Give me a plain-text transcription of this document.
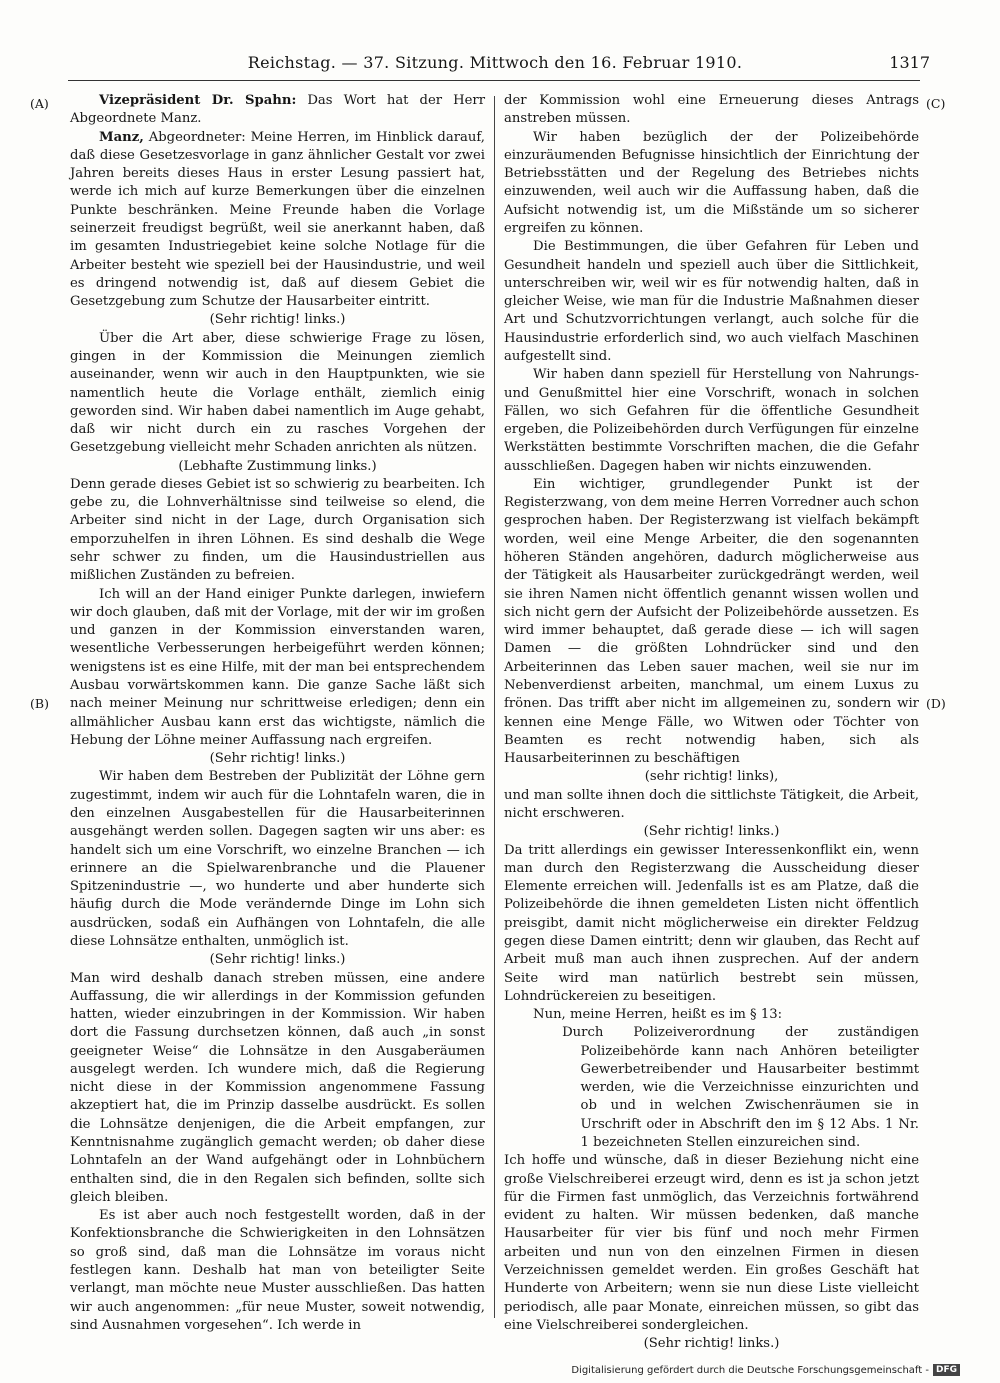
Reichstag. — 37. Sitzung. Mittwoch den 16. Februar 1910.	1317
(A)
(B)
(C)
(D)

Vizepräsident Dr. Spahn: Das Wort hat der Herr Abgeordnete Manz.

Manz, Abgeordneter: Meine Herren, im Hinblick darauf, daß diese Gesetzesvorlage in ganz ähnlicher Gestalt vor zwei Jahren bereits dieses Haus in erster Lesung passiert hat, werde ich mich auf kurze Bemerkungen über die einzelnen Punkte beschränken. Meine Freunde haben die Vorlage seinerzeit freudigst begrüßt, weil sie anerkannt haben, daß im gesamten Industriegebiet keine solche Notlage für die Arbeiter besteht wie speziell bei der Hausindustrie, und weil es dringend notwendig ist, daß auf diesem Gebiet die Gesetzgebung zum Schutze der Hausarbeiter eintritt.

(Sehr richtig! links.)

Über die Art aber, diese schwierige Frage zu lösen, gingen in der Kommission die Meinungen ziemlich auseinander, wenn wir auch in den Hauptpunkten, wie sie namentlich heute die Vorlage enthält, ziemlich einig geworden sind. Wir haben dabei namentlich im Auge gehabt, daß wir nicht durch ein zu rasches Vorgehen der Gesetzgebung vielleicht mehr Schaden anrichten als nützen.

(Lebhafte Zustimmung links.)

Denn gerade dieses Gebiet ist so schwierig zu bearbeiten. Ich gebe zu, die Lohnverhältnisse sind teilweise so elend, die Arbeiter sind nicht in der Lage, durch Organisation sich emporzuhelfen in ihren Löhnen. Es sind deshalb die Wege sehr schwer zu finden, um die Hausindustriellen aus mißlichen Zuständen zu befreien.

Ich will an der Hand einiger Punkte darlegen, inwiefern wir doch glauben, daß mit der Vorlage, mit der wir im großen und ganzen in der Kommission einverstanden waren, wesentliche Verbesserungen herbeigeführt werden können; wenigstens ist es eine Hilfe, mit der man bei entsprechendem Ausbau vorwärtskommen kann. Die ganze Sache läßt sich nach meiner Meinung nur schrittweise erledigen; denn ein allmählicher Ausbau kann erst das wichtigste, nämlich die Hebung der Löhne meiner Auffassung nach ergreifen.

(Sehr richtig! links.)

Wir haben dem Bestreben der Publizität der Löhne gern zugestimmt, indem wir auch für die Lohntafeln waren, die in den einzelnen Ausgabestellen für die Hausarbeiterinnen ausgehängt werden sollen. Dagegen sagten wir uns aber: es handelt sich um eine Vorschrift, wo einzelne Branchen — ich erinnere an die Spielwarenbranche und die Plauener Spitzenindustrie —, wo hunderte und aber hunderte sich häufig durch die Mode verändernde Dinge im Lohn sich ausdrücken, sodaß ein Aufhängen von Lohntafeln, die alle diese Lohnsätze enthalten, unmöglich ist.

(Sehr richtig! links.)

Man wird deshalb danach streben müssen, eine andere Auffassung, die wir allerdings in der Kommission gefunden hatten, wieder einzubringen in der Kommission. Wir haben dort die Fassung durchsetzen können, daß auch „in sonst geeigneter Weise“ die Lohnsätze in den Ausgaberäumen ausgelegt werden. Ich wundere mich, daß die Regierung nicht diese in der Kommission angenommene Fassung akzeptiert hat, die im Prinzip dasselbe ausdrückt. Es sollen die Lohnsätze denjenigen, die die Arbeit empfangen, zur Kenntnisnahme zugänglich gemacht werden; ob daher diese Lohntafeln an der Wand aufgehängt oder in Lohnbüchern enthalten sind, die in den Regalen sich befinden, sollte sich gleich bleiben.

Es ist aber auch noch festgestellt worden, daß in der Konfektionsbranche die Schwierigkeiten in den Lohnsätzen so groß sind, daß man die Lohnsätze im voraus nicht festlegen kann. Deshalb hat man von beteiligter Seite verlangt, man möchte neue Muster ausschließen. Das hatten wir auch angenommen: „für neue Muster, soweit notwendig, sind Ausnahmen vorgesehen“. Ich werde in

der Kommission wohl eine Erneuerung dieses Antrags anstreben müssen.

Wir haben bezüglich der der Polizeibehörde einzuräumenden Befugnisse hinsichtlich der Einrichtung der Betriebsstätten und der Regelung des Betriebes nichts einzuwenden, weil auch wir die Auffassung haben, daß die Aufsicht notwendig ist, um die Mißstände um so sicherer ergreifen zu können.

Die Bestimmungen, die über Gefahren für Leben und Gesundheit handeln und speziell auch über die Sittlichkeit, unterschreiben wir, weil wir es für notwendig halten, daß in gleicher Weise, wie man für die Industrie Maßnahmen dieser Art und Schutzvorrichtungen verlangt, auch solche für die Hausindustrie erforderlich sind, wo auch vielfach Maschinen aufgestellt sind.

Wir haben dann speziell für Herstellung von Nahrungs- und Genußmittel hier eine Vorschrift, wonach in solchen Fällen, wo sich Gefahren für die öffentliche Gesundheit ergeben, die Polizeibehörden durch Verfügungen für einzelne Werkstätten bestimmte Vorschriften machen, die die Gefahr ausschließen. Dagegen haben wir nichts einzuwenden.

Ein wichtiger, grundlegender Punkt ist der Registerzwang, von dem meine Herren Vorredner auch schon gesprochen haben. Der Registerzwang ist vielfach bekämpft worden, weil eine Menge Arbeiter, die den sogenannten höheren Ständen angehören, dadurch möglicherweise aus der Tätigkeit als Hausarbeiter zurückgedrängt werden, weil sie ihren Namen nicht öffentlich genannt wissen wollen und sich nicht gern der Aufsicht der Polizeibehörde aussetzen. Es wird immer behauptet, daß gerade diese — ich will sagen Damen — die größten Lohndrücker sind und den Arbeiterinnen das Leben sauer machen, weil sie nur im Nebenverdienst arbeiten, manchmal, um einem Luxus zu frönen. Das trifft aber nicht im allgemeinen zu, sondern wir kennen eine Menge Fälle, wo Witwen oder Töchter von Beamten es recht notwendig haben, sich als Hausarbeiterinnen zu beschäftigen

(sehr richtig! links),

und man sollte ihnen doch die sittlichste Tätigkeit, die Arbeit, nicht erschweren.

(Sehr richtig! links.)

Da tritt allerdings ein gewisser Interessenkonflikt ein, wenn man durch den Registerzwang die Ausscheidung dieser Elemente erreichen will. Jedenfalls ist es am Platze, daß die Polizeibehörde die ihnen gemeldeten Listen nicht öffentlich preisgibt, damit nicht möglicherweise ein direkter Feldzug gegen diese Damen eintritt; denn wir glauben, das Recht auf Arbeit muß man auch ihnen zusprechen. Auf der andern Seite wird man natürlich bestrebt sein müssen, Lohndrückereien zu beseitigen.

Nun, meine Herren, heißt es im § 13:

Durch Polizeiverordnung der zuständigen Polizeibehörde kann nach Anhören beteiligter Gewerbetreibender und Hausarbeiter bestimmt werden, wie die Verzeichnisse einzurichten und ob und in welchen Zwischenräumen sie in Urschrift oder in Abschrift den im § 12 Abs. 1 Nr. 1 bezeichneten Stellen einzureichen sind.

Ich hoffe und wünsche, daß in dieser Beziehung nicht eine große Vielschreiberei erzeugt wird, denn es ist ja schon jetzt für die Firmen fast unmöglich, das Verzeichnis fortwährend evident zu halten. Wir müssen bedenken, daß manche Hausarbeiter für vier bis fünf und noch mehr Firmen arbeiten und nun von den einzelnen Firmen in diesen Verzeichnissen gemeldet werden. Ein großes Geschäft hat Hunderte von Arbeitern; wenn sie nun diese Liste vielleicht periodisch, alle paar Monate, einreichen müssen, so gibt das eine Vielschreiberei sondergleichen.

(Sehr richtig! links.)

Digitalisierung gefördert durch die Deutsche Forschungsgemeinschaft - DFG
